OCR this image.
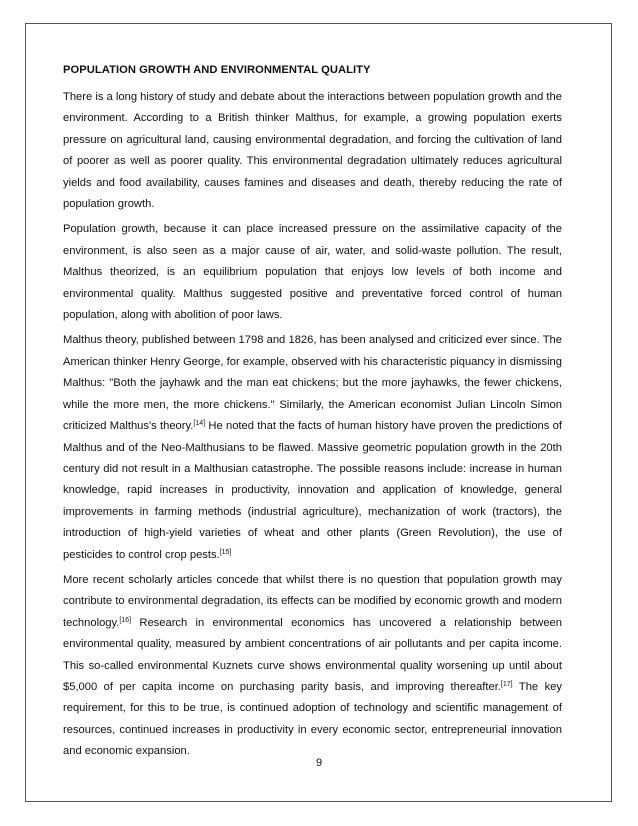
POPULATION GROWTH AND ENVIRONMENTAL QUALITY

There is a long history of study and debate about the interactions between population growth and the environment. According to a British thinker Malthus, for example, a growing population exerts pressure on agricultural land, causing environmental degradation, and forcing the cultivation of land of poorer as well as poorer quality. This environmental degradation ultimately reduces agricultural yields and food availability, causes famines and diseases and death, thereby reducing the rate of population growth.

Population growth, because it can place increased pressure on the assimilative capacity of the environment, is also seen as a major cause of air, water, and solid-waste pollution. The result, Malthus theorized, is an equilibrium population that enjoys low levels of both income and environmental quality. Malthus suggested positive and preventative forced control of human population, along with abolition of poor laws.

Malthus theory, published between 1798 and 1826, has been analysed and criticized ever since. The American thinker Henry George, for example, observed with his characteristic piquancy in dismissing Malthus: "Both the jayhawk and the man eat chickens; but the more jayhawks, the fewer chickens, while the more men, the more chickens." Similarly, the American economist Julian Lincoln Simon criticized Malthus's theory.[14] He noted that the facts of human history have proven the predictions of Malthus and of the Neo-Malthusians to be flawed. Massive geometric population growth in the 20th century did not result in a Malthusian catastrophe. The possible reasons include: increase in human knowledge, rapid increases in productivity, innovation and application of knowledge, general improvements in farming methods (industrial agriculture), mechanization of work (tractors), the introduction of high-yield varieties of wheat and other plants (Green Revolution), the use of pesticides to control crop pests.[15]

More recent scholarly articles concede that whilst there is no question that population growth may contribute to environmental degradation, its effects can be modified by economic growth and modern technology.[16] Research in environmental economics has uncovered a relationship between environmental quality, measured by ambient concentrations of air pollutants and per capita income. This so-called environmental Kuznets curve shows environmental quality worsening up until about $5,000 of per capita income on purchasing parity basis, and improving thereafter.[17] The key requirement, for this to be true, is continued adoption of technology and scientific management of resources, continued increases in productivity in every economic sector, entrepreneurial innovation and economic expansion.

9
